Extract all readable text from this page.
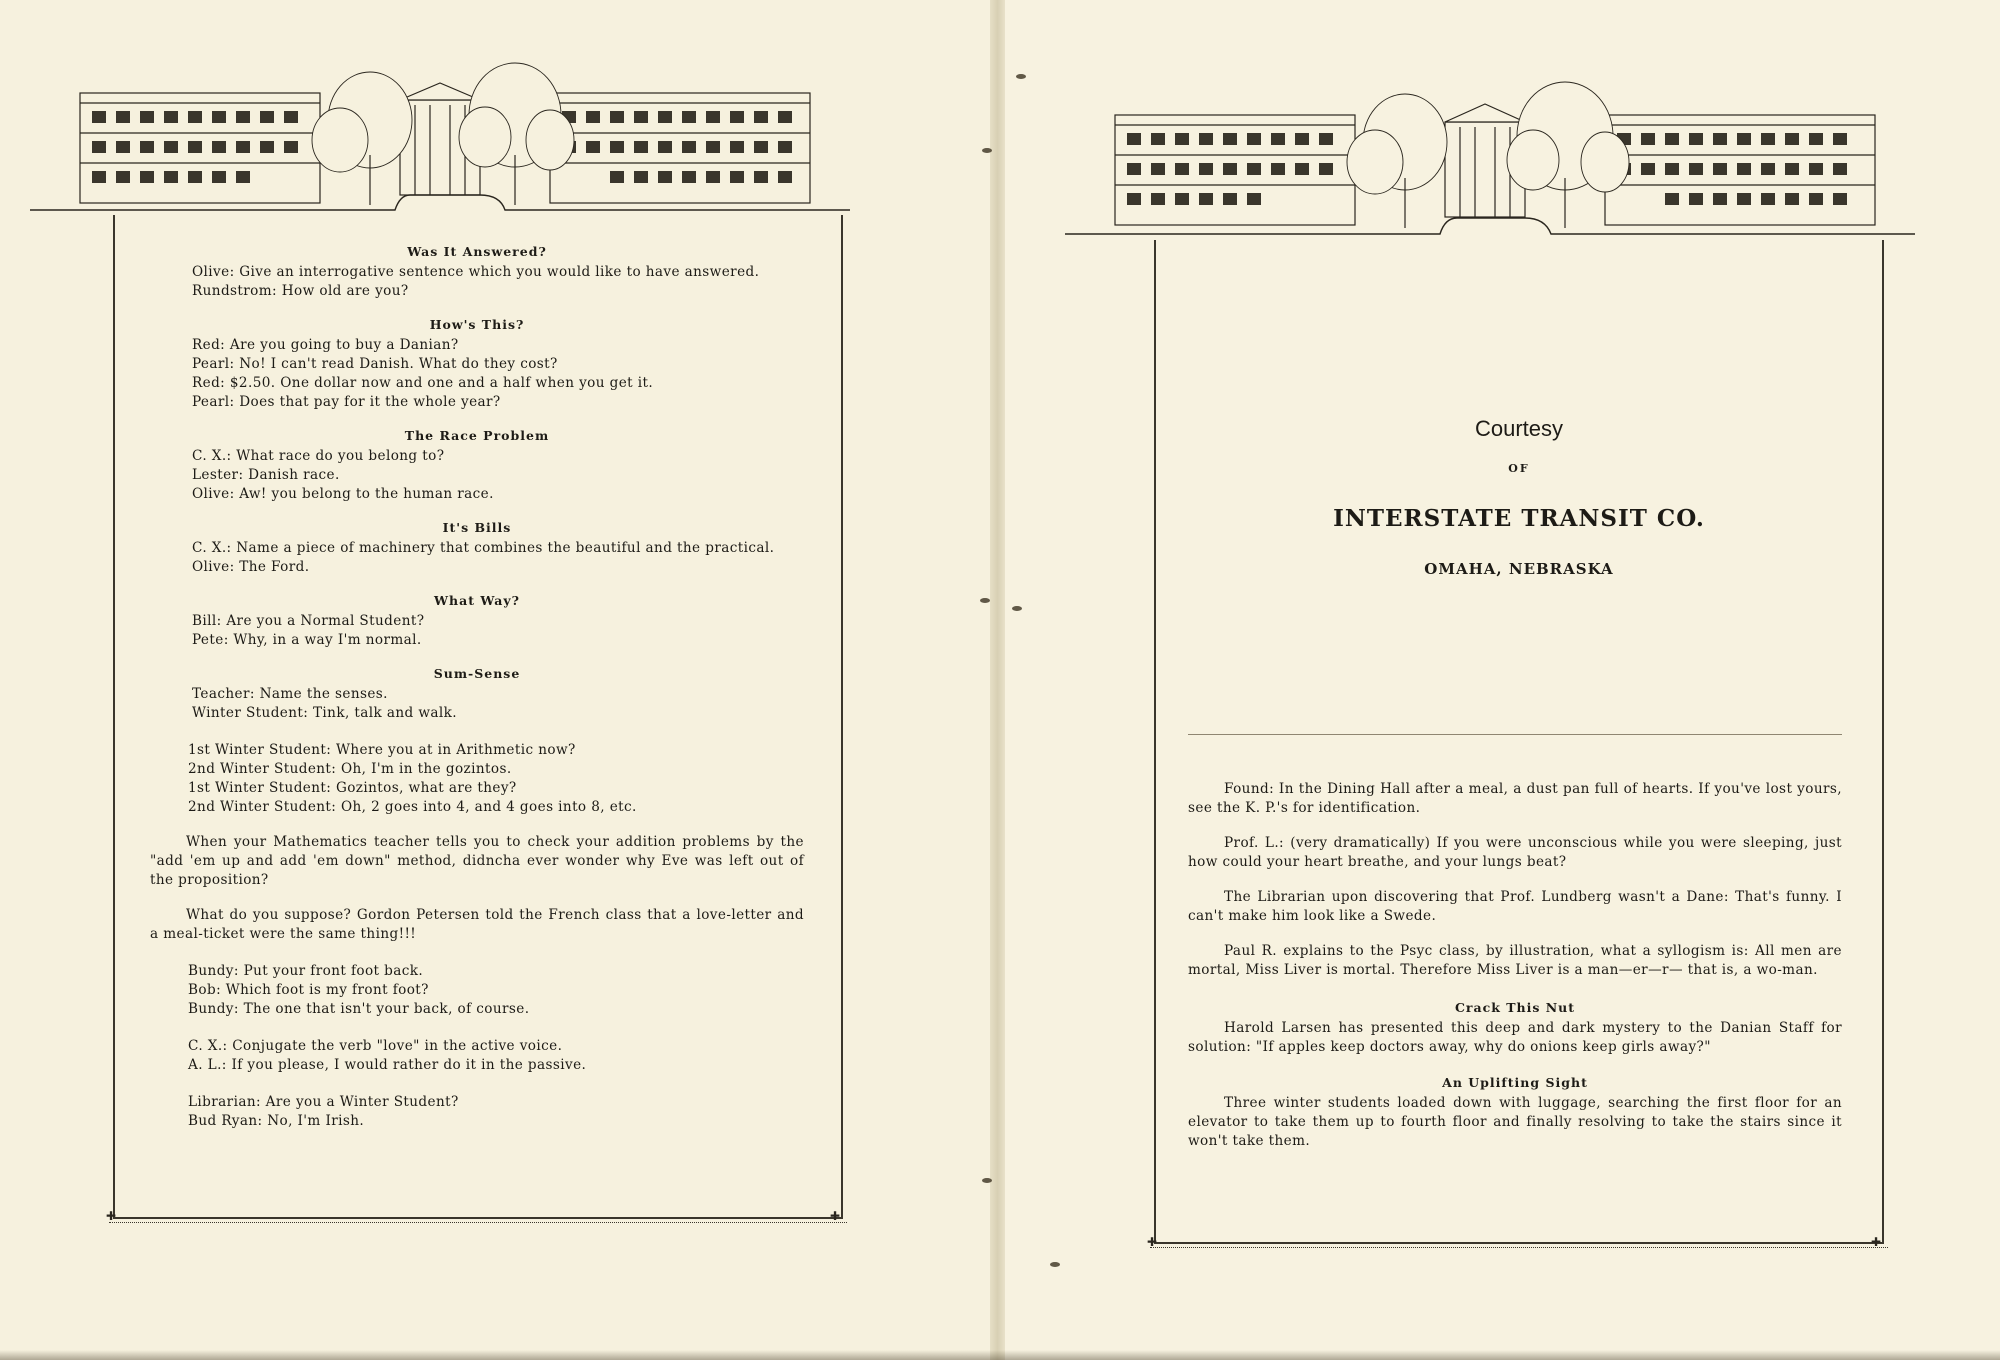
✚	✚

Was It Answered?

Olive: Give an interrogative sentence which you would like to have answered.

Rundstrom: How old are you?

How's This?

Red: Are you going to buy a Danian?

Pearl: No! I can't read Danish. What do they cost?

Red: $2.50. One dollar now and one and a half when you get it.

Pearl: Does that pay for it the whole year?

The Race Problem

C. X.: What race do you belong to?

Lester: Danish race.

Olive: Aw! you belong to the human race.

It's Bills

C. X.: Name a piece of machinery that combines the beautiful and the practical.

Olive: The Ford.

What Way?

Bill: Are you a Normal Student?

Pete: Why, in a way I'm normal.

Sum-Sense

Teacher: Name the senses.

Winter Student: Tink, talk and walk.

1st Winter Student: Where you at in Arithmetic now?

2nd Winter Student: Oh, I'm in the gozintos.

1st Winter Student: Gozintos, what are they?

2nd Winter Student: Oh, 2 goes into 4, and 4 goes into 8, etc.

When your Mathematics teacher tells you to check your addition problems by the "add 'em up and add 'em down" method, didncha ever wonder why Eve was left out of the proposition?

What do you suppose? Gordon Petersen told the French class that a love-letter and a meal-ticket were the same thing!!!

Bundy: Put your front foot back.

Bob: Which foot is my front foot?

Bundy: The one that isn't your back, of course.

C. X.: Conjugate the verb "love" in the active voice.

A. L.: If you please, I would rather do it in the passive.

Librarian: Are you a Winter Student?

Bud Ryan: No, I'm Irish.

✚	✚
Courtesy
OF
INTERSTATE TRANSIT CO.
OMAHA, NEBRASKA

Found: In the Dining Hall after a meal, a dust pan full of hearts. If you've lost yours, see the K. P.'s for identification.

Prof. L.: (very dramatically) If you were unconscious while you were sleeping, just how could your heart breathe, and your lungs beat?

The Librarian upon discovering that Prof. Lundberg wasn't a Dane: That's funny. I can't make him look like a Swede.

Paul R. explains to the Psyc class, by illustration, what a syllogism is: All men are mortal, Miss Liver is mortal. Therefore Miss Liver is a man—er—r— that is, a wo-man.

Crack This Nut

Harold Larsen has presented this deep and dark mystery to the Danian Staff for solution: "If apples keep doctors away, why do onions keep girls away?"

An Uplifting Sight

Three winter students loaded down with luggage, searching the first floor for an elevator to take them up to fourth floor and finally resolving to take the stairs since it won't take them.
